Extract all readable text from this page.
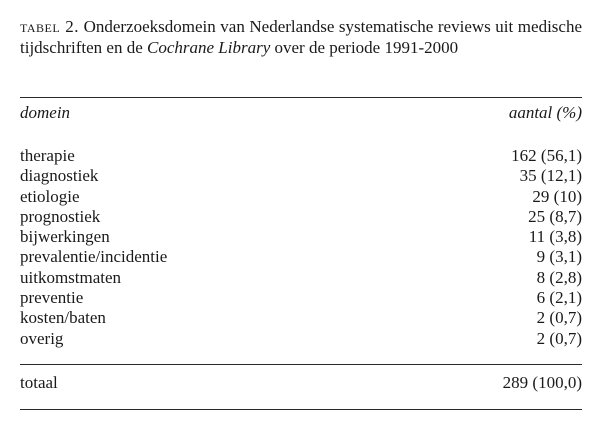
tabel 2. Onderzoeksdomein van Nederlandse systematische reviews uit medische tijdschriften en de Cochrane Library over de periode 1991-2000
domein	aantal (%)
therapie	162 (56,1)
diagnostiek	35 (12,1)
etiologie	29 (10)
prognostiek	25 (8,7)
bijwerkingen	11 (3,8)
prevalentie/incidentie	9 (3,1)
uitkomstmaten	8 (2,8)
preventie	6 (2,1)
kosten/baten	2 (0,7)
overig	2 (0,7)
totaal	289 (100,0)
